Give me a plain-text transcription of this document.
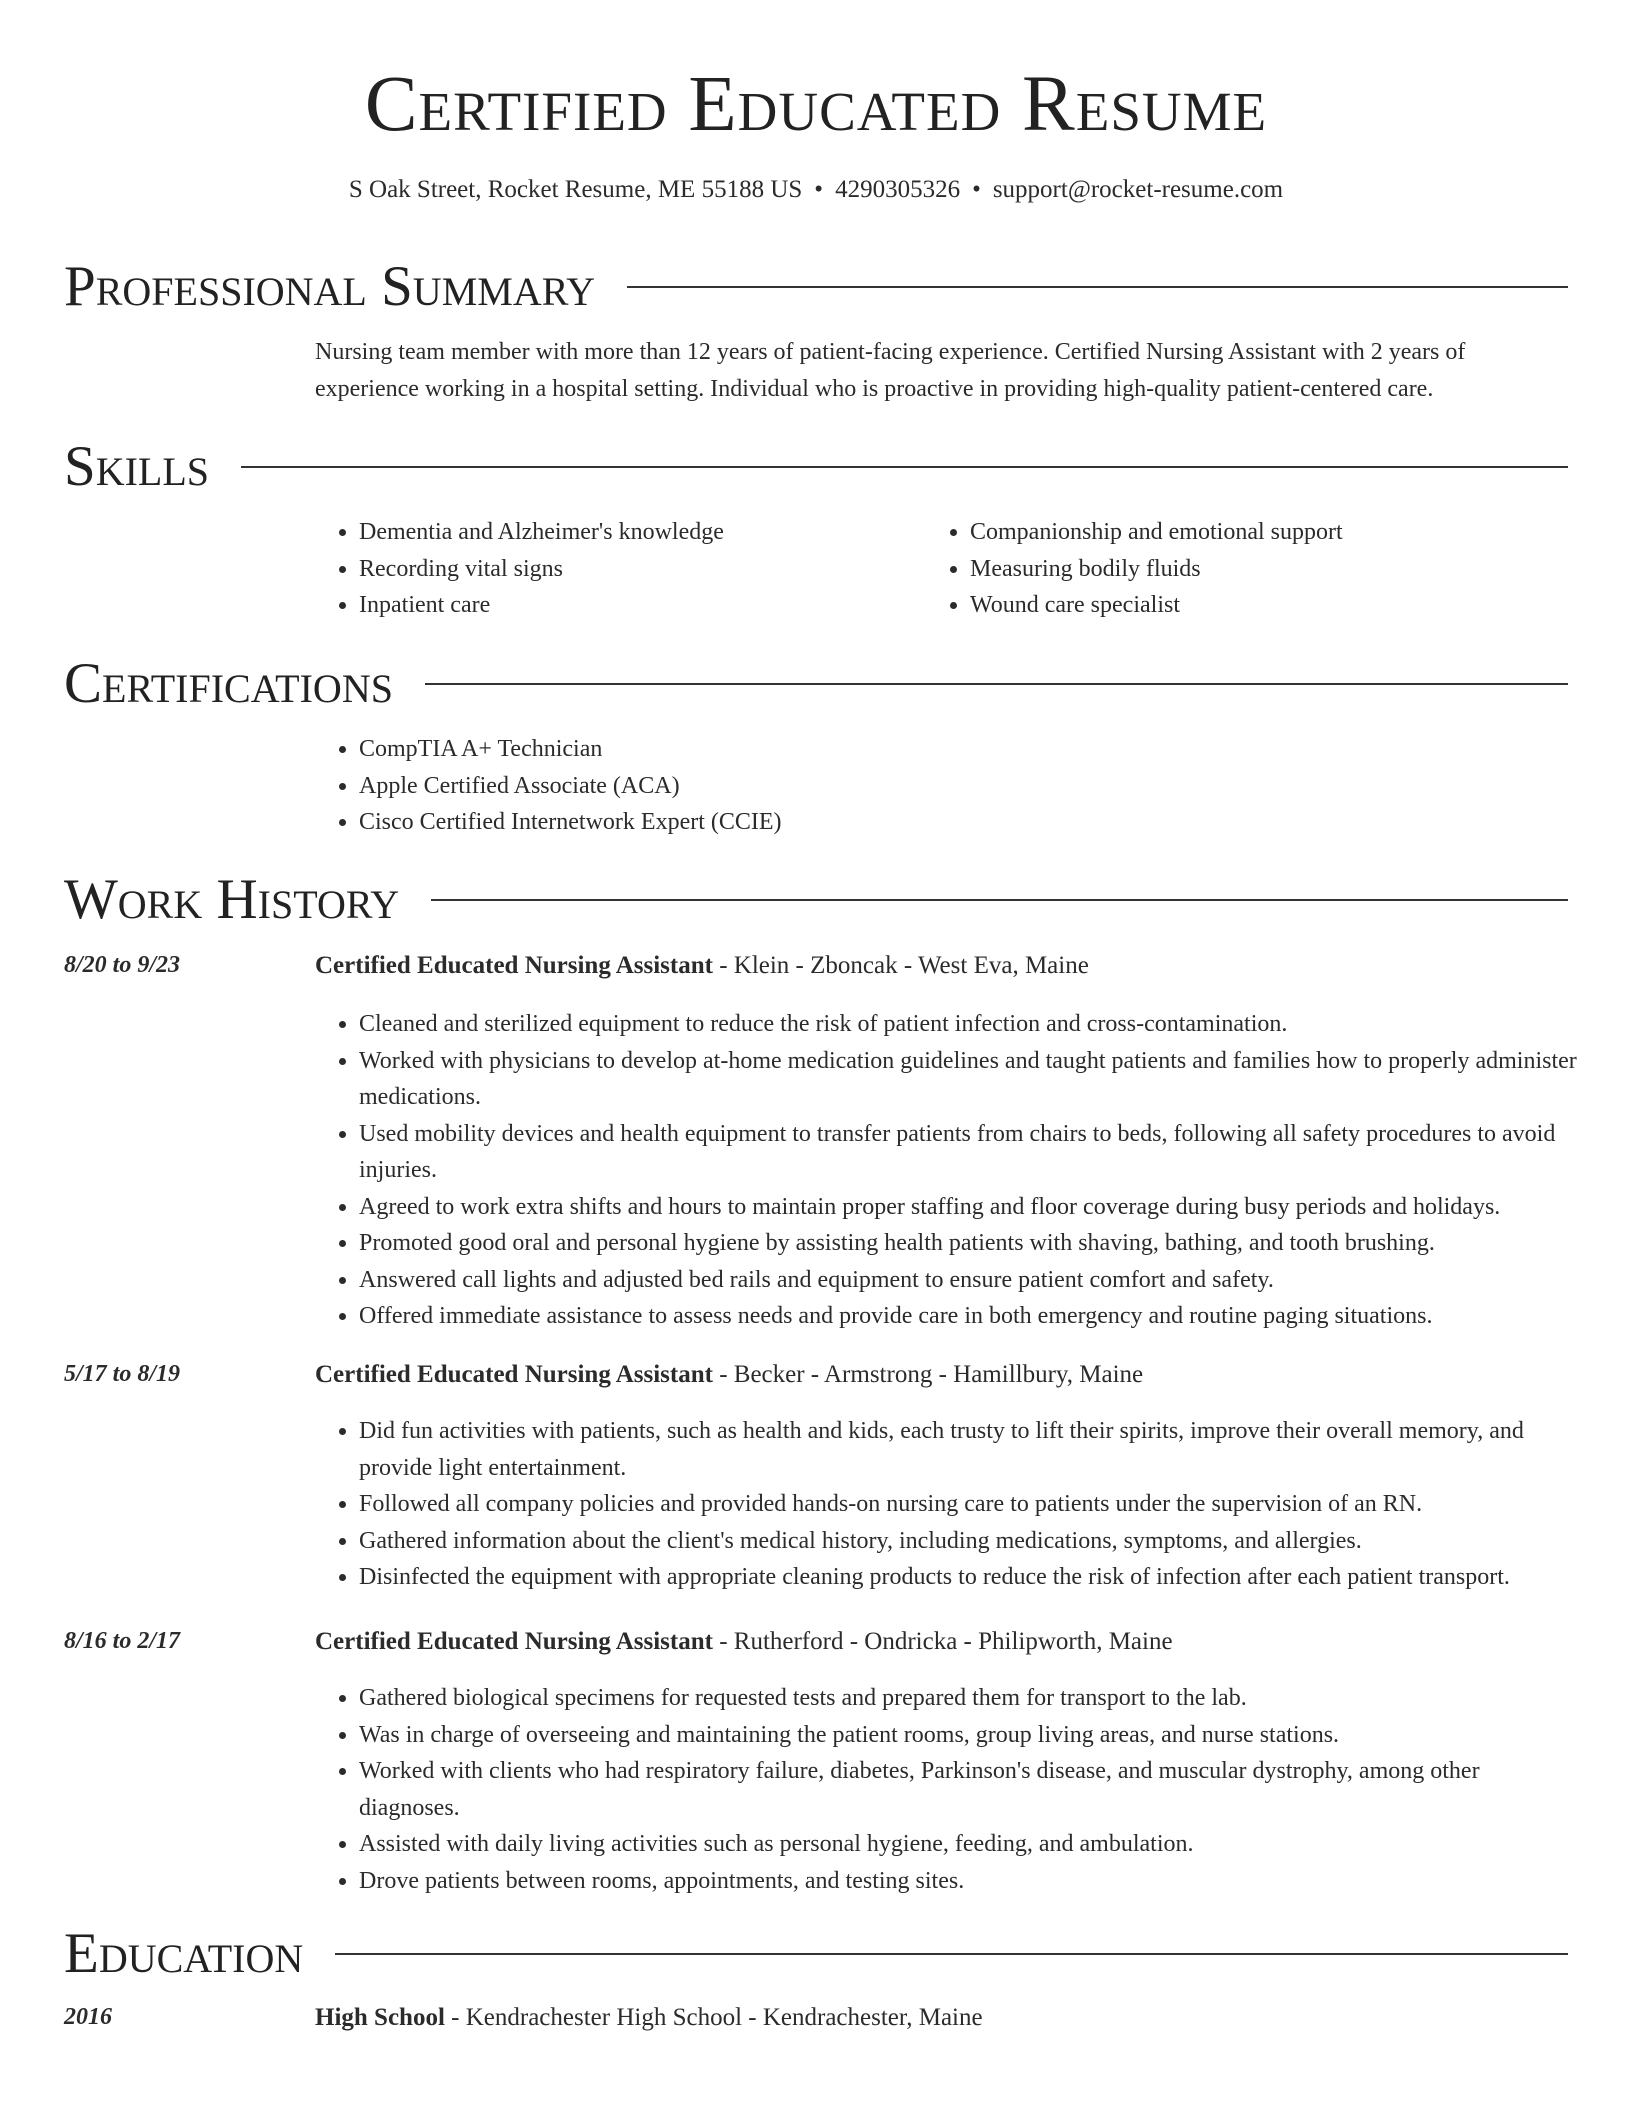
Certified Educated Resume
S Oak Street, Rocket Resume, ME 55188 US • 4290305326 • support@rocket-resume.com
Professional Summary
Nursing team member with more than 12 years of patient-facing experience. Certified Nursing Assistant with 2 years of experience working in a hospital setting. Individual who is proactive in providing high-quality patient-centered care.
Skills
• Dementia and Alzheimer's knowledge
• Recording vital signs
• Inpatient care
• Companionship and emotional support
• Measuring bodily fluids
• Wound care specialist
Certifications
• CompTIA A+ Technician
• Apple Certified Associate (ACA)
• Cisco Certified Internetwork Expert (CCIE)
Work History
8/20 to 9/23	Certified Educated Nursing Assistant - Klein - Zboncak - West Eva, Maine
• Cleaned and sterilized equipment to reduce the risk of patient infection and cross-contamination.
• Worked with physicians to develop at-home medication guidelines and taught patients and families how to properly administer medications.
• Used mobility devices and health equipment to transfer patients from chairs to beds, following all safety procedures to avoid injuries.
• Agreed to work extra shifts and hours to maintain proper staffing and floor coverage during busy periods and holidays.
• Promoted good oral and personal hygiene by assisting health patients with shaving, bathing, and tooth brushing.
• Answered call lights and adjusted bed rails and equipment to ensure patient comfort and safety.
• Offered immediate assistance to assess needs and provide care in both emergency and routine paging situations.
5/17 to 8/19	Certified Educated Nursing Assistant - Becker - Armstrong - Hamillbury, Maine
• Did fun activities with patients, such as health and kids, each trusty to lift their spirits, improve their overall memory, and provide light entertainment.
• Followed all company policies and provided hands-on nursing care to patients under the supervision of an RN.
• Gathered information about the client's medical history, including medications, symptoms, and allergies.
• Disinfected the equipment with appropriate cleaning products to reduce the risk of infection after each patient transport.
8/16 to 2/17	Certified Educated Nursing Assistant - Rutherford - Ondricka - Philipworth, Maine
• Gathered biological specimens for requested tests and prepared them for transport to the lab.
• Was in charge of overseeing and maintaining the patient rooms, group living areas, and nurse stations.
• Worked with clients who had respiratory failure, diabetes, Parkinson's disease, and muscular dystrophy, among other diagnoses.
• Assisted with daily living activities such as personal hygiene, feeding, and ambulation.
• Drove patients between rooms, appointments, and testing sites.
Education
2016	High School - Kendrachester High School - Kendrachester, Maine
